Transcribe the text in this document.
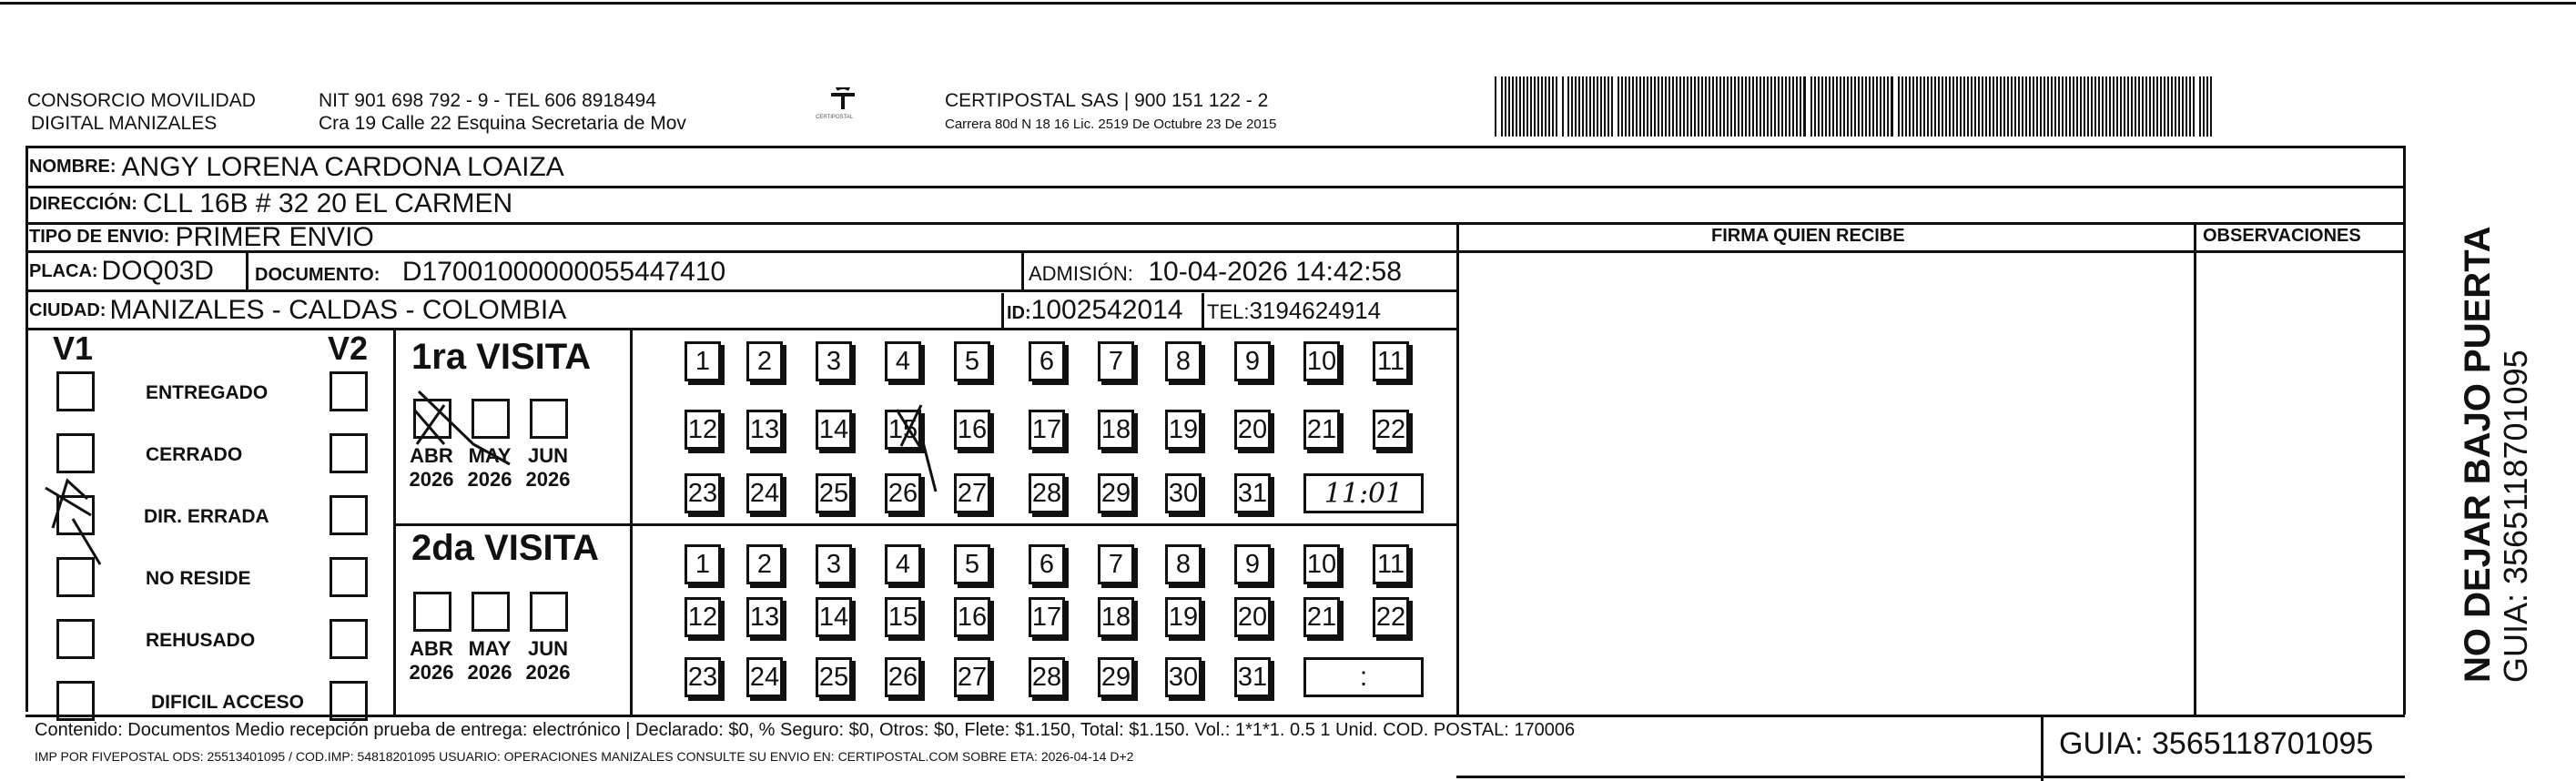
CONSORCIO MOVILIDAD
DIGITAL MANIZALES
NIT 901 698 792 - 9 - TEL 606 8918494
Cra 19 Calle 22 Esquina Secretaria de Mov	CERTIPOSTAL
CERTIPOSTAL SAS | 900 151 122 - 2
Carrera 80d N 18 16 Lic. 2519 De Octubre 23 De 2015
NOMBRE: ANGY LORENA CARDONA LOAIZA
DIRECCIÓN: CLL 16B # 32 20 EL CARMEN
TIPO DE ENVIO: PRIMER ENVIO	FIRMA QUIEN RECIBE	OBSERVACIONES
PLACA: DOQ03D DOCUMENTO: D17001000000055447410	ADMISIÓN: 10-04-2026 14:42:58
CIUDAD: MANIZALES - CALDAS - COLOMBIA	ID:1002542014 TEL:3194624914
V1	V2
ENTREGADO
CERRADO
DIR. ERRADA
NO RESIDE
REHUSADO
DIFICIL ACCESO
1ra VISITA
2da VISITA
ABR
2026
MAY
2026
JUN
2026
ABR
2026
MAY
2026
JUN
2026
1	2	3	4	5	6	7	8	9	10 11
12 13 14 15 16 17 18 19 20 21 22
23 24 25 26 27 28 29 30 31 11:01
1	2	3	4	5	6	7	8	9	10 11
12 13 14 15 16 17 18 19 20 21 22
23 24 25 26 27 28 29 30 31	:	NO DEJAR BAJO PUERTA GUIA: 3565118701095
Contenido: Documentos Medio recepción prueba de entrega: electrónico | Declarado: $0, % Seguro: $0, Otros: $0, Flete: $1.150, Total: $1.150. Vol.: 1*1*1. 0.5 1 Unid. COD. POSTAL: 170006
IMP POR FIVEPOSTAL ODS: 25513401095 / COD.IMP: 54818201095 USUARIO: OPERACIONES MANIZALES CONSULTE SU ENVIO EN: CERTIPOSTAL.COM SOBRE ETA: 2026-04-14 D+2	GUIA: 3565118701095
